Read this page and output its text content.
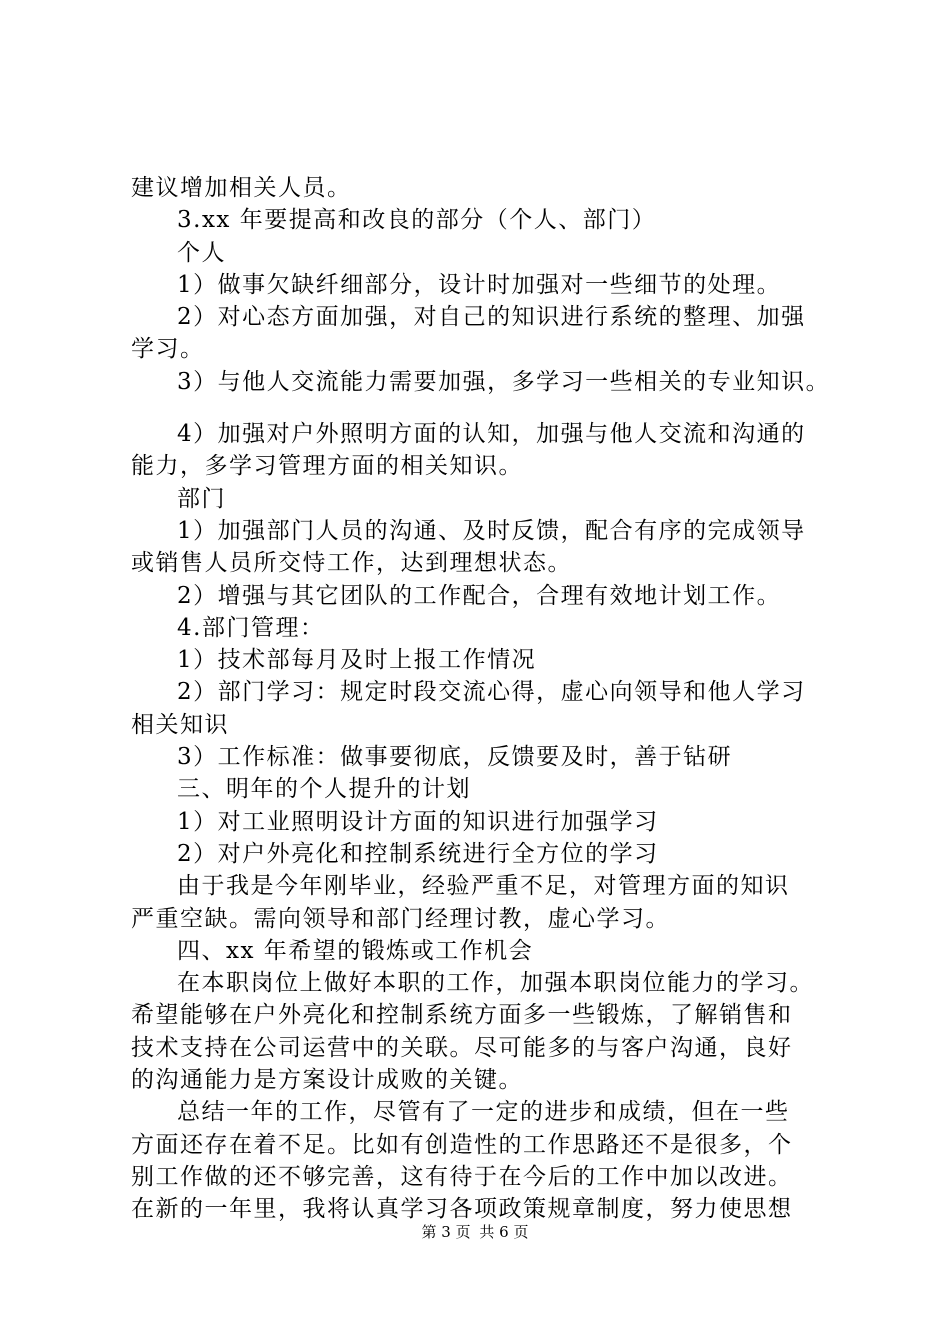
建议增加相关人员。
3.xx 年要提高和改良的部分（个人、部门）
个人
1）做事欠缺纤细部分，设计时加强对一些细节的处理。
2）对心态方面加强，对自己的知识进行系统的整理、加强
学习。
3）与他人交流能力需要加强，多学习一些相关的专业知识。
4）加强对户外照明方面的认知，加强与他人交流和沟通的
能力，多学习管理方面的相关知识。
部门
1）加强部门人员的沟通、及时反馈，配合有序的完成领导
或销售人员所交恃工作，达到理想状态。
2）增强与其它团队的工作配合，合理有效地计划工作。
4.部门管理：
1）技术部每月及时上报工作情况
2）部门学习：规定时段交流心得，虚心向领导和他人学习
相关知识
3）工作标准：做事要彻底，反馈要及时，善于钻研
三、明年的个人提升的计划
1）对工业照明设计方面的知识进行加强学习
2）对户外亮化和控制系统进行全方位的学习
由于我是今年刚毕业，经验严重不足，对管理方面的知识
严重空缺。需向领导和部门经理讨教，虚心学习。
四、xx 年希望的锻炼或工作机会
在本职岗位上做好本职的工作，加强本职岗位能力的学习。
希望能够在户外亮化和控制系统方面多一些锻炼，了解销售和
技术支持在公司运营中的关联。尽可能多的与客户沟通，良好
的沟通能力是方案设计成败的关键。
总结一年的工作，尽管有了一定的进步和成绩，但在一些
方面还存在着不足。比如有创造性的工作思路还不是很多，个
别工作做的还不够完善，这有待于在今后的工作中加以改进。
在新的一年里，我将认真学习各项政策规章制度，努力使思想
第 3 页 共 6 页
